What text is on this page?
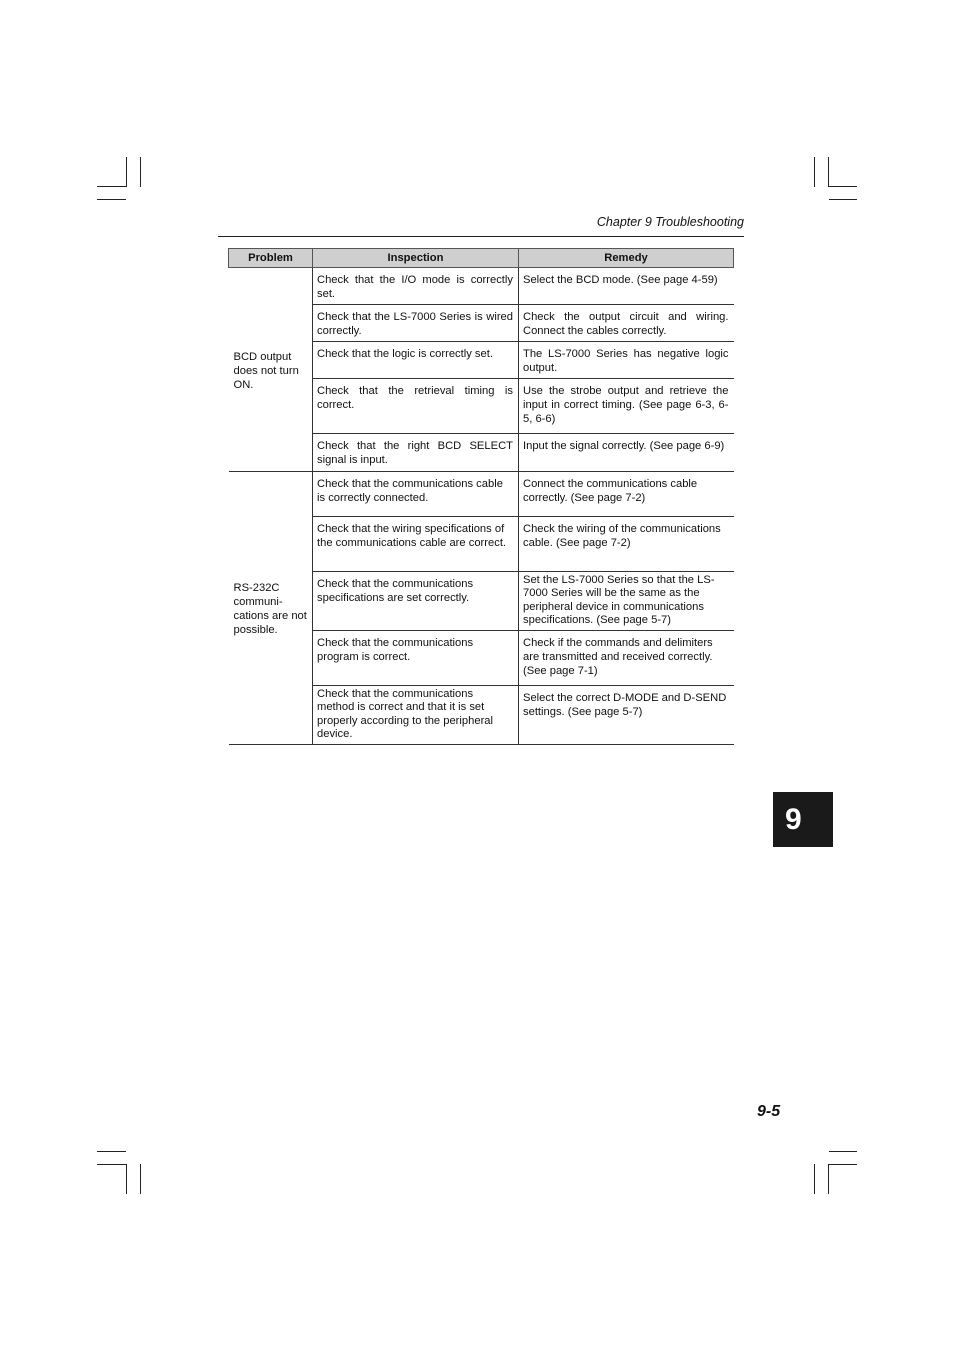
Chapter 9 Troubleshooting
Problem	Inspection	Remedy
BCD output does not turn ON.	Check that the I/O mode is correctly set.	Select the BCD mode. (See page 4-59)
	Check that the LS-7000 Series is wired correctly.	Check the output circuit and wiring. Connect the cables correctly.
	Check that the logic is correctly set.	The LS-7000 Series has negative logic output.
	Check that the retrieval timing is correct.	Use the strobe output and retrieve the input in correct timing. (See page 6-3, 6-5, 6-6)
	Check that the right BCD SELECT signal is input.	Input the signal correctly. (See page 6-9)
RS-232C communi-cations are not possible.	Check that the communications cable is correctly connected.	Connect the communications cable correctly. (See page 7-2)
	Check that the wiring specifications of the communications cable are correct.	Check the wiring of the communications cable. (See page 7-2)
	Check that the communications specifications are set correctly.	Set the LS-7000 Series so that the LS-7000 Series will be the same as the peripheral device in communications specifications. (See page 5-7)
	Check that the communications program is correct.	Check if the commands and delimiters are transmitted and received correctly. (See page 7-1)
	Check that the communications method is correct and that it is set properly according to the peripheral device.	Select the correct D-MODE and D-SEND settings. (See page 5-7)
9
9-5
